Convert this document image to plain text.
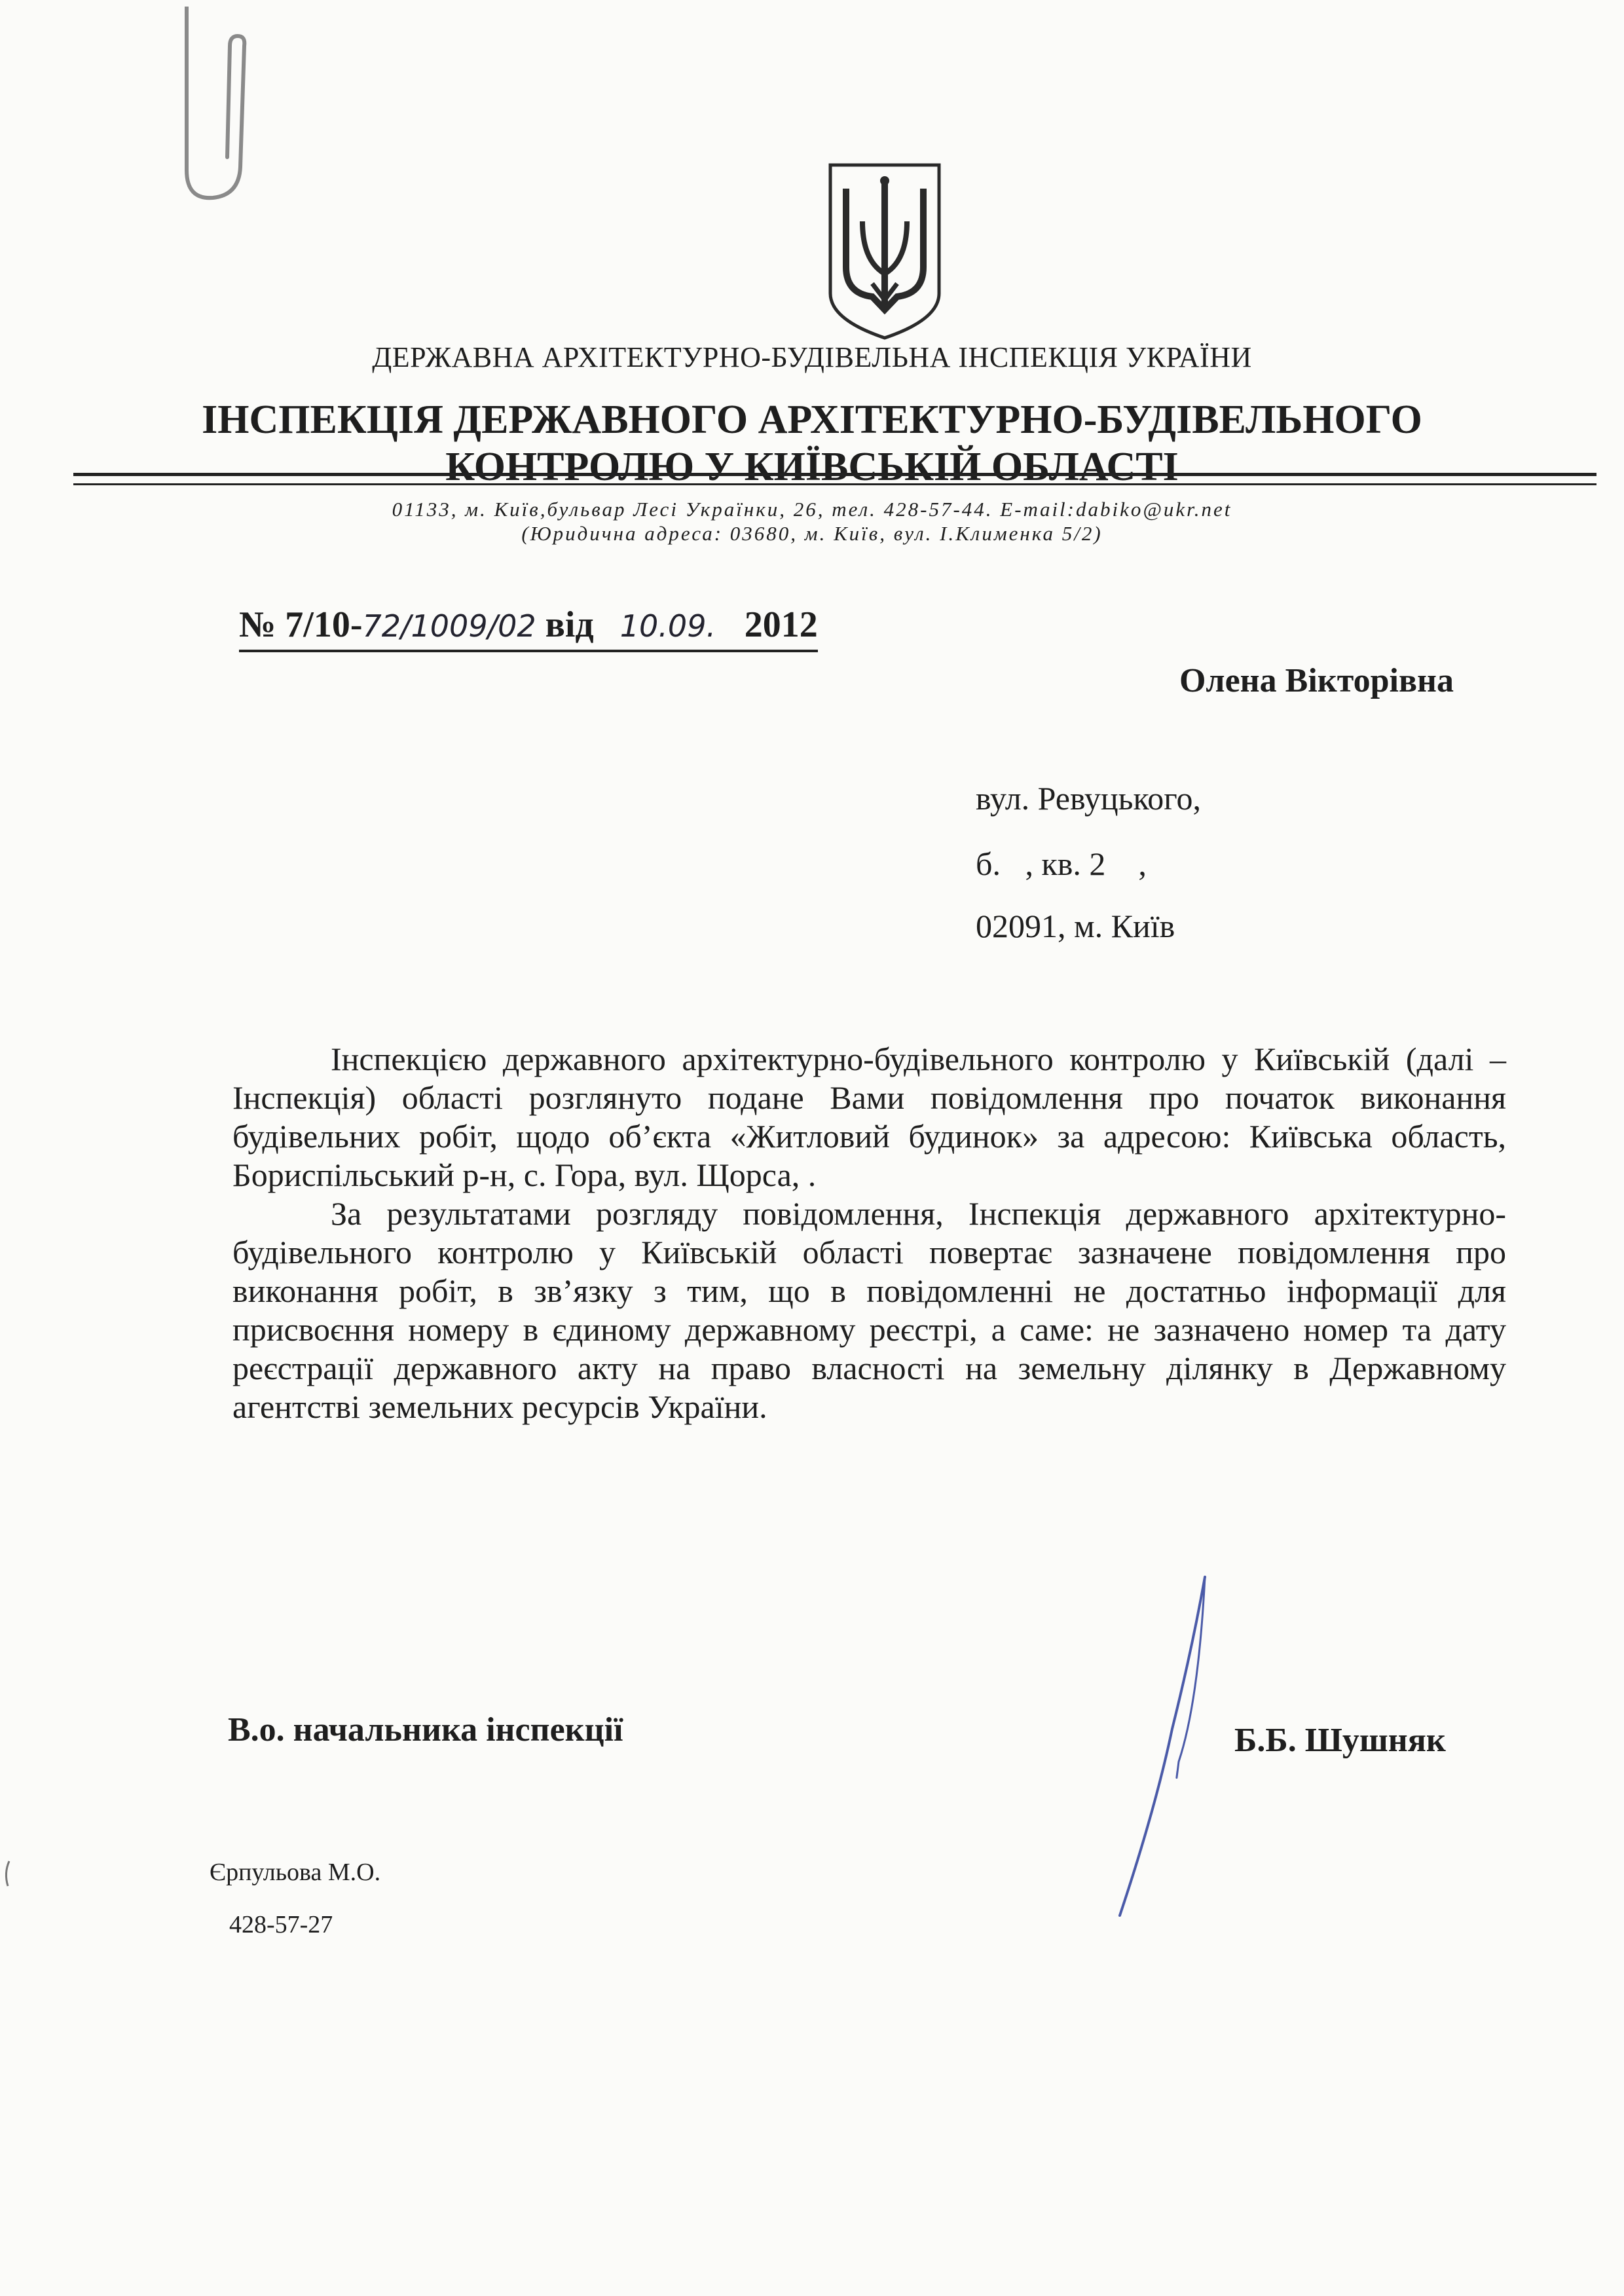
ДЕРЖАВНА АРХІТЕКТУРНО-БУДІВЕЛЬНА ІНСПЕКЦІЯ УКРАЇНИ
ІНСПЕКЦІЯ ДЕРЖАВНОГО АРХІТЕКТУРНО-БУДІВЕЛЬНОГО
КОНТРОЛЮ У КИЇВСЬКІЙ ОБЛАСТІ
01133, м. Київ,бульвар Лесі Українки, 26, тел. 428-57-44. E-mail:dabiko@ukr.net
(Юридична адреса: 03680, м. Київ, вул. І.Клименка 5/2)
№ 7/10-72/1009/02 від 10.09. 2012
Олена Вікторівна
вул. Ревуцького,
б.   , кв. 2    ,
02091, м. Київ

Інспекцією державного архітектурно-будівельного контролю у Київській (далі – Інспекція) області розглянуто подане Вами повідомлення про початок виконання будівельних робіт, щодо об’єкта «Житловий будинок» за адресою: Київська область, Бориспільський р-н, с. Гора, вул. Щорса, .

За результатами розгляду повідомлення, Інспекція державного архітектурно-будівельного контролю у Київській області повертає зазначене повідомлення про виконання робіт, в зв’язку з тим, що в повідомленні не достатньо інформації для присвоєння номеру в єдиному державному реєстрі, а саме: не зазначено номер та дату реєстрації державного акту на право власності на земельну ділянку в Державному агентстві земельних ресурсів України.

В.о. начальника інспекції	Б.Б. Шушняк
Єрпульова М.О.
428-57-27
